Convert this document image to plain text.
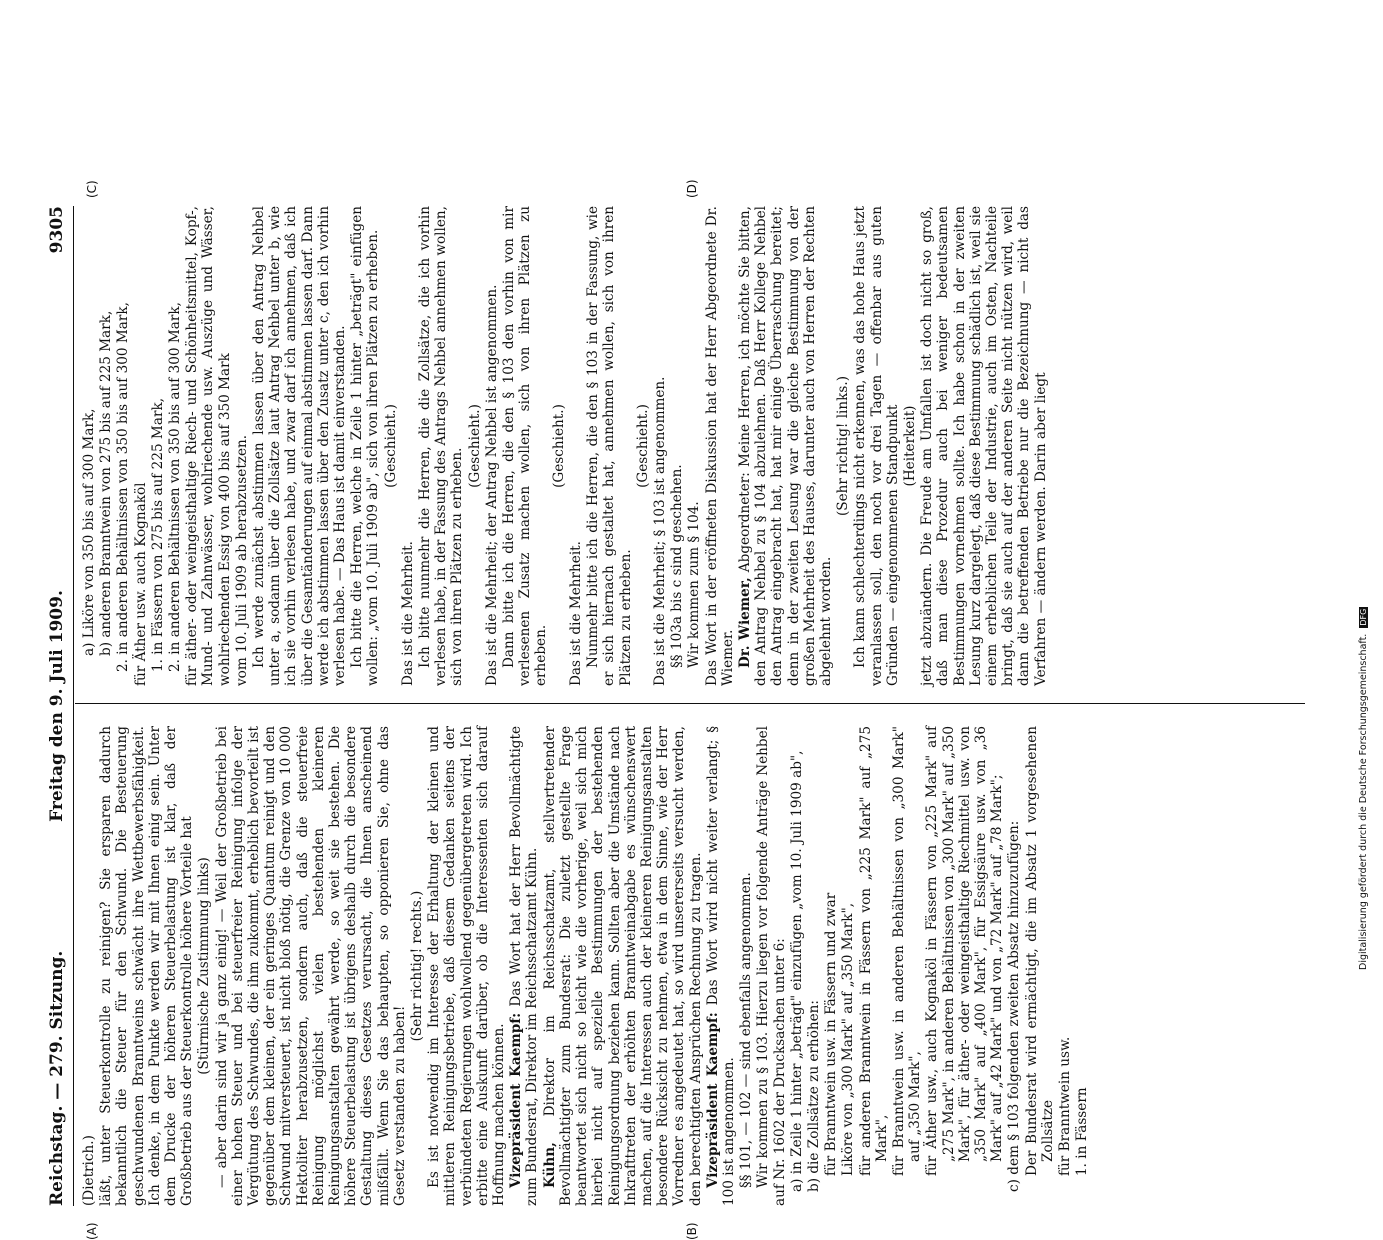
Reichstag. — 279. Sitzung.
Freitag den 9. Juli 1909.
9305
(A)	(B)
(C)	(D)

(Dietrich.) läßt, unter Steuerkontrolle zu reinigen? Sie ersparen dadurch bekanntlich die Steuer für den Schwund. Die Besteuerung geschwundenen Branntweins schwächt ihre Wettbewerbsfähigkeit. Ich denke, in dem Punkte werden wir mit Ihnen einig sein. Unter dem Drucke der höheren Steuerbelastung ist klar, daß der Großbetrieb aus der Steuerkontrolle höhere Vorteile hat (Stürmische Zustimmung links) — aber darin sind wir ja ganz einig! — Weil der Großbetrieb bei einer hohen Steuer und bei steuerfreier Reinigung infolge der Vergütung des Schwundes, die ihm zukommt, erheblich bevorteilt ist gegenüber dem kleinen, der ein geringes Quantum reinigt und den Schwund mitversteuert, ist nicht bloß nötig, die Grenze von 10 000 Hektoliter herabzusetzen, sondern auch, daß die steuerfreie Reinigung möglichst vielen bestehenden kleineren Reinigungsanstalten gewährt werde, so weit sie bestehen. Die höhere Steuerbelastung ist übrigens deshalb durch die besondere Gestaltung dieses Gesetzes verursacht, die Ihnen anscheinend mißfällt. Wenn Sie das behaupten, so opponieren Sie, ohne das Gesetz verstanden zu haben!

(Sehr richtig! rechts.) Es ist notwendig im Interesse der Erhaltung der kleinen und mittleren Reinigungsbetriebe, daß diesem Gedanken seitens der verbündeten Regierungen wohlwollend gegenübergetreten wird. Ich erbitte eine Auskunft darüber, ob die Interessenten sich darauf Hoffnung machen können. Vizepräsident Kaempf: Das Wort hat der Herr Bevollmächtigte zum Bundesrat, Direktor im Reichsschatzamt Kühn. Kühn, Direktor im Reichsschatzamt, stellvertretender Bevollmächtigter zum Bundesrat: Die zuletzt gestellte Frage beantwortet sich nicht so leicht wie die vorherige, weil sich mich hierbei nicht auf spezielle Bestimmungen der bestehenden Reinigungsordnung beziehen kann. Sollten aber die Umstände nach Inkrafttreten der erhöhten Branntweinabgabe es wünschenswert machen, auf die Interessen auch der kleineren Reinigungsanstalten besondere Rücksicht zu nehmen, etwa in dem Sinne, wie der Herr Vorredner es angedeutet hat, so wird unsererseits versucht werden, den berechtigten Ansprüchen Rechnung zu tragen. Vizepräsident Kaempf: Das Wort wird nicht weiter verlangt; § 100 ist angenommen. §§ 101, — 102 — sind ebenfalls angenommen. Wir kommen zu § 103. Hierzu liegen vor folgende Anträge Nehbel auf Nr. 1602 der Drucksachen unter 6: a) in Zeile 1 hinter „beträgt" einzufügen „vom 10. Juli 1909 ab",

b) die Zollsätze zu erhöhen: für Branntwein usw. in Fässern und zwar Liköre von „300 Mark" auf „350 Mark", für anderen Branntwein in Fässern von „225 Mark" auf „275 Mark", für Branntwein usw. in anderen Behältnissen von „300 Mark" auf „350 Mark", für Äther usw., auch Kognaköl in Fässern von „225 Mark" auf „275 Mark", in anderen Behältnissen von „300 Mark" auf „350 Mark", für äther- oder weingeisthaltige Riechmittel usw. von „350 Mark" auf „400 Mark", für Essigsäure usw. von „36 Mark" auf „42 Mark" und von „72 Mark" auf „78 Mark";

c) dem § 103 folgenden zweiten Absatz hinzuzufügen: Der Bundesrat wird ermächtigt, die im Absatz 1 vorgesehenen Zollsätze für Branntwein usw. 1. in Fässern

a) Liköre von 350 bis auf 300 Mark, b) anderen Branntwein von 275 bis auf 225 Mark, 2. in anderen Behältnissen von 350 bis auf 300 Mark, für Äther usw. auch Kognaköl 1. in Fässern von 275 bis auf 225 Mark, 2. in anderen Behältnissen von 350 bis auf 300 Mark, für äther- oder weingeisthaltige Riech- und Schönheitsmittel, Kopf-, Mund- und Zahnwässer, wohlriechende usw. Auszüge und Wässer, wohlriechenden Essig von 400 bis auf 350 Mark vom 10. Juli 1909 ab herabzusetzen. Ich werde zunächst abstimmen lassen über den Antrag Nehbel unter a, sodann über die Zollsätze laut Antrag Nehbel unter b, wie ich sie vorhin verlesen habe, und zwar darf ich annehmen, daß ich über die Gesamtänderungen auf einmal abstimmen lassen darf. Dann werde ich abstimmen lassen über den Zusatz unter c, den ich vorhin verlesen habe. — Das Haus ist damit einverstanden. Ich bitte die Herren, welche in Zeile 1 hinter „beträgt" einfügen wollen: „vom 10. Juli 1909 ab", sich von ihren Plätzen zu erheben. (Geschieht.)

Das ist die Mehrheit. Ich bitte nunmehr die Herren, die die Zollsätze, die ich vorhin verlesen habe, in der Fassung des Antrags Nehbel annehmen wollen, sich von ihren Plätzen zu erheben.

(Geschieht.) Das ist die Mehrheit; der Antrag Nehbel ist angenommen. Dann bitte ich die Herren, die den § 103 den vorhin von mir verlesenen Zusatz machen wollen, sich von ihren Plätzen zu erheben.

(Geschieht.)

Das ist die Mehrheit. Nunmehr bitte ich die Herren, die den § 103 in der Fassung, wie er sich hiernach gestaltet hat, annehmen wollen, sich von ihren Plätzen zu erheben.

(Geschieht.) Das ist die Mehrheit; § 103 ist angenommen. §§ 103a bis c sind geschehen. Wir kommen zum § 104. Das Wort in der eröffneten Diskussion hat der Herr Abgeordnete Dr. Wiemer. Dr. Wiemer, Abgeordneter: Meine Herren, ich möchte Sie bitten, den Antrag Nehbel zu § 104 abzulehnen. Daß Herr Kollege Nehbel den Antrag eingebracht hat, hat mir einige Überraschung bereitet; denn in der zweiten Lesung war die gleiche Bestimmung von der großen Mehrheit des Hauses, darunter auch von Herren der Rechten abgelehnt worden.

(Sehr richtig! links.) Ich kann schlechterdings nicht erkennen, was das hohe Haus jetzt veranlassen soll, den noch vor drei Tagen — offenbar aus guten Gründen — eingenommenen Standpunkt (Heiterkeit) jetzt abzuändern. Die Freude am Umfallen ist doch nicht so groß, daß man diese Prozedur auch bei weniger bedeutsamen Bestimmungen vornehmen sollte. Ich habe schon in der zweiten Lesung kurz dargelegt, daß diese Bestimmung schädlich ist, weil sie einem erheblichen Teile der Industrie, auch im Osten, Nachteile bringt, daß sie auch auf der anderen Seite nicht nützen wird, weil dann die betreffenden Betriebe nur die Bezeichnung — nicht das Verfahren — ändern werden. Darin aber liegt

Digitalisierung gefördert durch die Deutsche Forschungsgemeinschaft.DFG
